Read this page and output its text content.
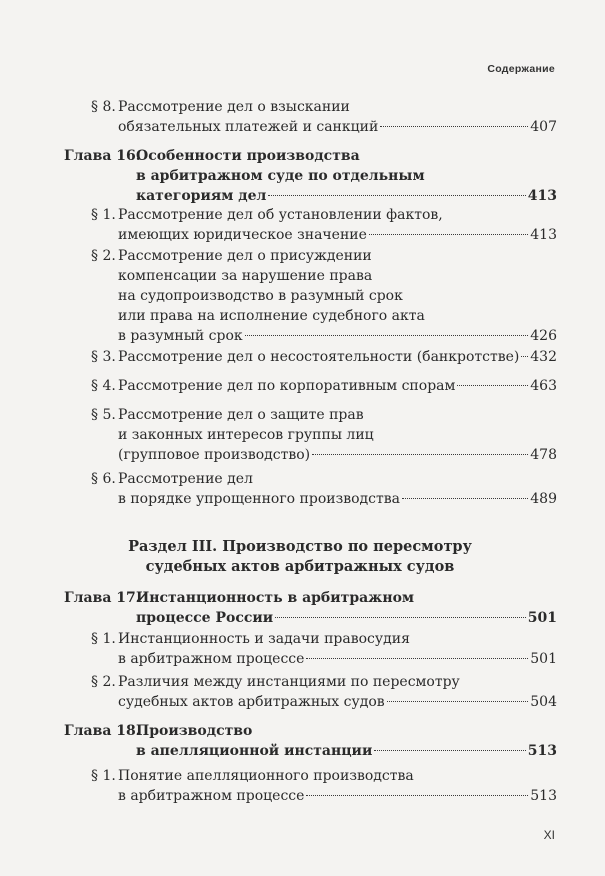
Содержание
§ 8. Рассмотрение дел о взыскании
обязательных платежей и санкций	407
Глава 16.
Особенности производства
в арбитражном суде по отдельным
категориям дел	413
§ 1. Рассмотрение дел об установлении фактов,
имеющих юридическое значение	413
§ 2. Рассмотрение дел о присуждении
компенсации за нарушение права
на судопроизводство в разумный срок
или права на исполнение судебного акта
в разумный срок	426
§ 3. Рассмотрение дел о несостоятельности (банкротстве) 432
§ 4. Рассмотрение дел по корпоративным спорам	463
§ 5. Рассмотрение дел о защите прав
и законных интересов группы лиц
(групповое производство)	478
§ 6. Рассмотрение дел
в порядке упрощенного производства	489
Раздел III. Производство по пересмотру
судебных актов арбитражных судов
Глава 17.
Инстанционность в арбитражном
процессе России	501
§ 1. Инстанционность и задачи правосудия
в арбитражном процессе	501
§ 2. Различия между инстанциями по пересмотру
судебных актов арбитражных судов	504
Глава 18.
Производство
в апелляционной инстанции	513
§ 1. Понятие апелляционного производства
в арбитражном процессе	513
XI
